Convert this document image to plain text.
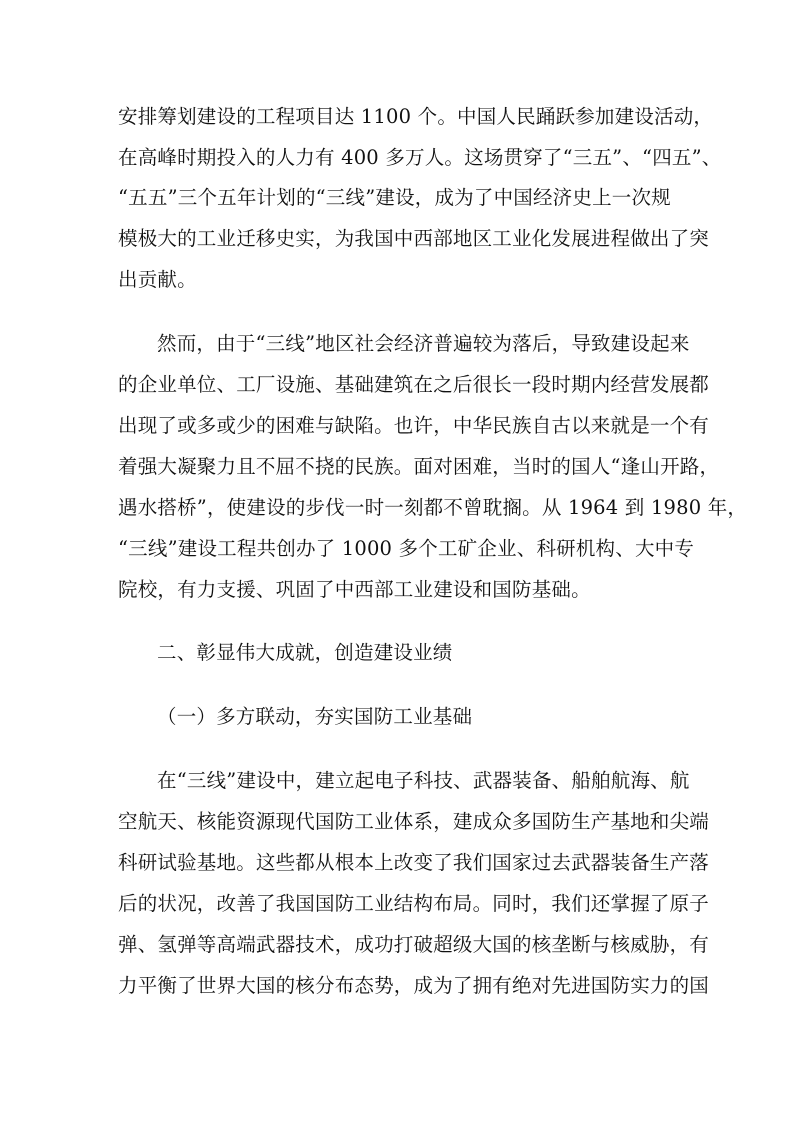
安排筹划建设的工程项目达 1100 个。中国人民踊跃参加建设活动，
在高峰时期投入的人力有 400 多万人。这场贯穿了“三五”、“四五”、
“五五”三个五年计划的“三线”建设，成为了中国经济史上一次规
模极大的工业迁移史实，为我国中西部地区工业化发展进程做出了突
出贡献。
然而，由于“三线”地区社会经济普遍较为落后，导致建设起来
的企业单位、工厂设施、基础建筑在之后很长一段时期内经营发展都
出现了或多或少的困难与缺陷。也许，中华民族自古以来就是一个有
着强大凝聚力且不屈不挠的民族。面对困难，当时的国人“逢山开路，
遇水搭桥”，使建设的步伐一时一刻都不曾耽搁。从 1964 到 1980 年，
“三线”建设工程共创办了 1000 多个工矿企业、科研机构、大中专
院校，有力支援、巩固了中西部工业建设和国防基础。
二、彰显伟大成就，创造建设业绩
（一）多方联动，夯实国防工业基础
在“三线”建设中，建立起电子科技、武器装备、船舶航海、航
空航天、核能资源现代国防工业体系，建成众多国防生产基地和尖端
科研试验基地。这些都从根本上改变了我们国家过去武器装备生产落
后的状况，改善了我国国防工业结构布局。同时，我们还掌握了原子
弹、氢弹等高端武器技术，成功打破超级大国的核垄断与核威胁，有
力平衡了世界大国的核分布态势，成为了拥有绝对先进国防实力的国
